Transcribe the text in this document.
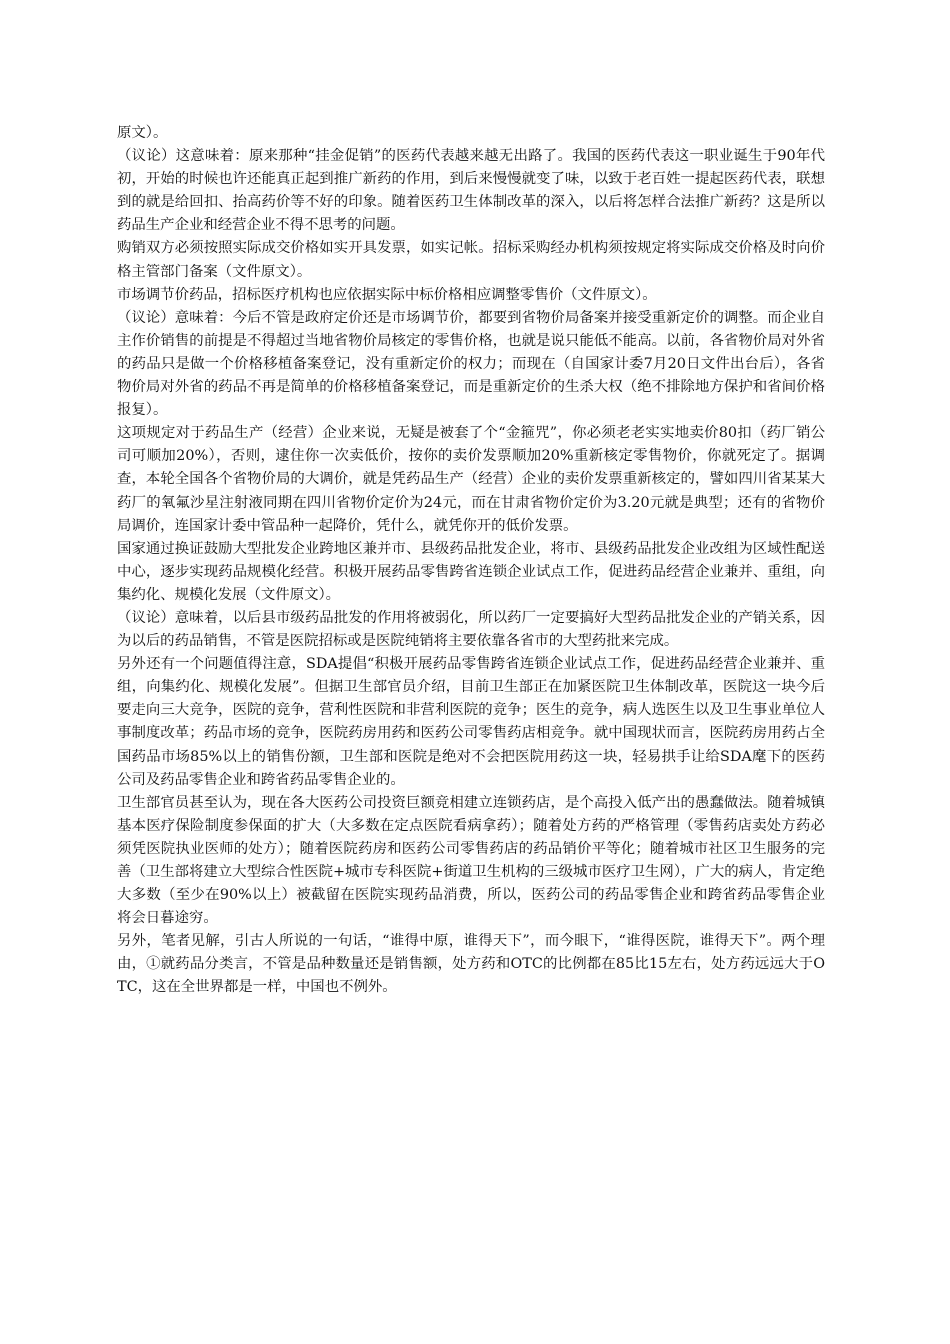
原文）。

（议论）这意味着：原来那种“挂金促销”的医药代表越来越无出路了。我国的医药代表这一职业诞生于90年代初，开始的时候也许还能真正起到推广新药的作用，到后来慢慢就变了味，以致于老百姓一提起医药代表，联想到的就是给回扣、抬高药价等不好的印象。随着医药卫生体制改革的深入，以后将怎样合法推广新药？这是所以药品生产企业和经营企业不得不思考的问题。

购销双方必须按照实际成交价格如实开具发票，如实记帐。招标采购经办机构须按规定将实际成交价格及时向价格主管部门备案（文件原文）。

市场调节价药品，招标医疗机构也应依据实际中标价格相应调整零售价（文件原文）。

（议论）意味着：今后不管是政府定价还是市场调节价，都要到省物价局备案并接受重新定价的调整。而企业自主作价销售的前提是不得超过当地省物价局核定的零售价格，也就是说只能低不能高。以前，各省物价局对外省的药品只是做一个价格移植备案登记，没有重新定价的权力；而现在（自国家计委7月20日文件出台后），各省物价局对外省的药品不再是简单的价格移植备案登记，而是重新定价的生杀大权（绝不排除地方保护和省间价格报复）。

这项规定对于药品生产（经营）企业来说，无疑是被套了个“金箍咒”，你必须老老实实地卖价80扣（药厂销公司可顺加20%），否则，逮住你一次卖低价，按你的卖价发票顺加20%重新核定零售物价，你就死定了。据调查，本轮全国各个省物价局的大调价，就是凭药品生产（经营）企业的卖价发票重新核定的，譬如四川省某某大药厂的氧氟沙星注射液同期在四川省物价定价为24元，而在甘肃省物价定价为3.20元就是典型；还有的省物价局调价，连国家计委中管品种一起降价，凭什么，就凭你开的低价发票。

国家通过换证鼓励大型批发企业跨地区兼并市、县级药品批发企业，将市、县级药品批发企业改组为区域性配送中心，逐步实现药品规模化经营。积极开展药品零售跨省连锁企业试点工作，促进药品经营企业兼并、重组，向集约化、规模化发展（文件原文）。

（议论）意味着，以后县市级药品批发的作用将被弱化，所以药厂一定要搞好大型药品批发企业的产销关系，因为以后的药品销售，不管是医院招标或是医院纯销将主要依靠各省市的大型药批来完成。

另外还有一个问题值得注意，SDA提倡“积极开展药品零售跨省连锁企业试点工作，促进药品经营企业兼并、重组，向集约化、规模化发展”。但据卫生部官员介绍，目前卫生部正在加紧医院卫生体制改革，医院这一块今后要走向三大竞争，医院的竞争，营利性医院和非营利医院的竞争；医生的竞争，病人选医生以及卫生事业单位人事制度改革；药品市场的竞争，医院药房用药和医药公司零售药店相竞争。就中国现状而言，医院药房用药占全国药品市场85%以上的销售份额，卫生部和医院是绝对不会把医院用药这一块，轻易拱手让给SDA麾下的医药公司及药品零售企业和跨省药品零售企业的。

卫生部官员甚至认为，现在各大医药公司投资巨额竞相建立连锁药店，是个高投入低产出的愚蠢做法。随着城镇基本医疗保险制度参保面的扩大（大多数在定点医院看病拿药）；随着处方药的严格管理（零售药店卖处方药必须凭医院执业医师的处方）；随着医院药房和医药公司零售药店的药品销价平等化；随着城市社区卫生服务的完善（卫生部将建立大型综合性医院+城市专科医院+街道卫生机构的三级城市医疗卫生网），广大的病人，肯定绝大多数（至少在90%以上）被截留在医院实现药品消费，所以，医药公司的药品零售企业和跨省药品零售企业将会日暮途穷。

另外，笔者见解，引古人所说的一句话，“谁得中原，谁得天下”，而今眼下，“谁得医院，谁得天下”。两个理由，①就药品分类言，不管是品种数量还是销售额，处方药和OTC的比例都在85比15左右，处方药远远大于OTC，这在全世界都是一样，中国也不例外。
